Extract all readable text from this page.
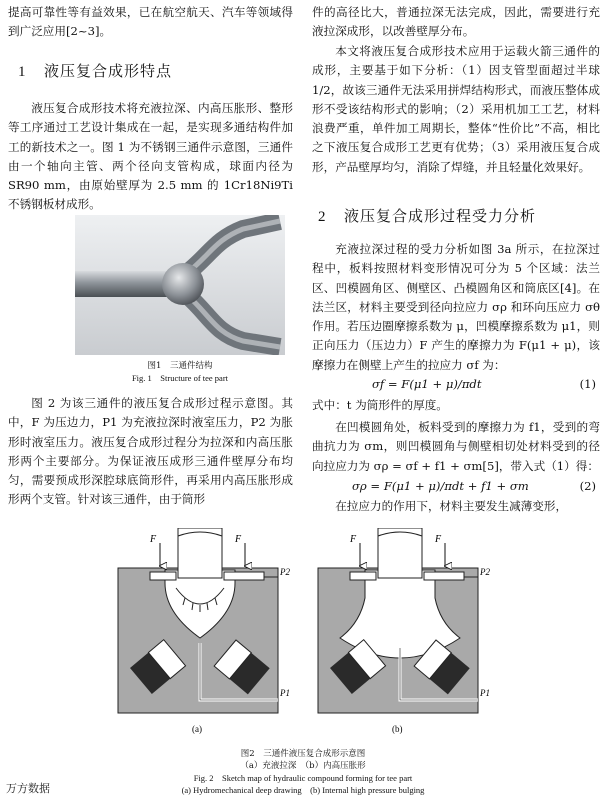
提高可靠性等有益效果，已在航空航天、汽车等领域得到广泛应用[2~3]。

1 液压复合成形特点

液压复合成形技术将充液拉深、内高压胀形、整形等工序通过工艺设计集成在一起，是实现多通结构件加工的新技术之一。图 1 为不锈钢三通件示意图，三通件由一个轴向主管、两个径向支管构成，球面内径为 SR90 mm，由原始壁厚为 2.5 mm 的 1Cr18Ni9Ti 不锈钢板材成形。

图1　三通件结构
Fig. 1　Structure of tee part

图 2 为该三通件的液压复合成形过程示意图。其中，F 为压边力，P1 为充液拉深时液室压力，P2 为胀形时液室压力。液压复合成形过程分为拉深和内高压胀形两个主要部分。为保证液压成形三通件壁厚分布均匀，需要预成形深腔球底筒形件，再采用内高压胀形成形两个支管。针对该三通件，由于筒形

件的高径比大，普通拉深无法完成，因此，需要进行充液拉深成形，以改善壁厚分布。

本文将液压复合成形技术应用于运载火箭三通件的成形，主要基于如下分析：（1）因支管型面超过半球 1/2，故该三通件无法采用拼焊结构形式，而液压整体成形不受该结构形式的影响；（2）采用机加工工艺，材料浪费严重，单件加工周期长，整体“性价比”不高，相比之下液压复合成形工艺更有优势；（3）采用液压复合成形，产品壁厚均匀，消除了焊缝，并且轻量化效果好。

2 液压复合成形过程受力分析

充液拉深过程的受力分析如图 3a 所示，在拉深过程中，板料按照材料变形情况可分为 5 个区域：法兰区、凹模圆角区、侧壁区、凸模圆角区和筒底区[4]。在法兰区，材料主要受到径向拉应力 σρ 和环向压应力 σθ 作用。若压边圈摩擦系数为 μ，凹模摩擦系数为 μ1，则正向压力（压边力）F 产生的摩擦力为 F(μ1 + μ)，该摩擦力在侧壁上产生的拉应力 σf 为：

σf = F(μ1 + μ)/πdt	(1)

式中：t 为筒形件的厚度。

在凹模圆角处，板料受到的摩擦力为 f1，受到的弯曲抗力为 σm，则凹模圆角与侧壁相切处材料受到的径向拉应力为 σρ = σf + f1 + σm[5]，带入式（1）得：

σρ = F(μ1 + μ)/πdt + f1 + σm	(2)

在拉应力的作用下，材料主要发生减薄变形，

F	F
P2
P1
F	F
P2
P1
(a)	(b)
图2　三通件液压复合成形示意图
（a）充液拉深　（b）内高压胀形
Fig. 2　Sketch map of hydraulic compound forming for tee part
(a) Hydromechanical deep drawing　(b) Internal high pressure bulging
万方数据
